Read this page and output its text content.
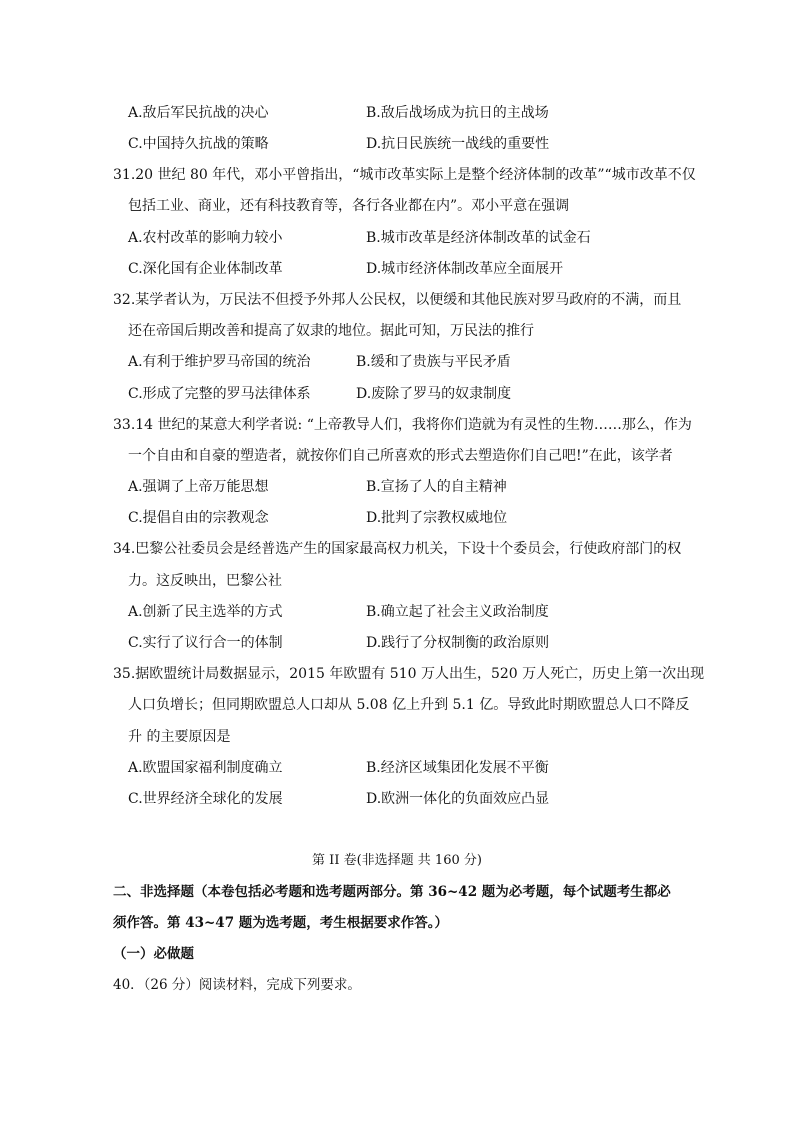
A.敌后军民抗战的决心	B.敌后战场成为抗日的主战场
C.中国持久抗战的策略	D.抗日民族统一战线的重要性
31.20 世纪 80 年代，邓小平曾指出，“城市改革实际上是整个经济体制的改革”“城市改革不仅
包括工业、商业，还有科技教育等，各行各业都在内”。邓小平意在强调
A.农村改革的影响力较小	B.城市改革是经济体制改革的试金石
C.深化国有企业体制改革	D.城市经济体制改革应全面展开
32.某学者认为，万民法不但授予外邦人公民权，以便缓和其他民族对罗马政府的不满，而且
还在帝国后期改善和提高了奴隶的地位。据此可知，万民法的推行
A.有利于维护罗马帝国的统治	B.缓和了贵族与平民矛盾
C.形成了完整的罗马法律体系	D.废除了罗马的奴隶制度
33.14 世纪的某意大利学者说: “上帝教导人们，我将你们造就为有灵性的生物……那么，作为
一个自由和自豪的塑造者，就按你们自己所喜欢的形式去塑造你们自己吧!”在此，该学者
A.强调了上帝万能思想	B.宣扬了人的自主精神
C.提倡自由的宗教观念	D.批判了宗教权威地位
34.巴黎公社委员会是经普选产生的国家最高权力机关，下设十个委员会，行使政府部门的权
力。这反映出，巴黎公社
A.创新了民主选举的方式	B.确立起了社会主义政治制度
C.实行了议行合一的体制	D.践行了分权制衡的政治原则
35.据欧盟统计局数据显示，2015 年欧盟有 510 万人出生，520 万人死亡，历史上第一次出现
人口负增长；但同期欧盟总人口却从 5.08 亿上升到 5.1 亿。导致此时期欧盟总人口不降反
升 的主要原因是
A.欧盟国家福利制度确立	B.经济区域集团化发展不平衡
C.世界经济全球化的发展	D.欧洲一体化的负面效应凸显
第 II 卷(非选择题 共 160 分)
二、非选择题（本卷包括必考题和选考题两部分。第 36~42 题为必考题，每个试题考生都必
须作答。第 43~47 题为选考题，考生根据要求作答。）
（一）必做题
40．（26 分）阅读材料，完成下列要求。
